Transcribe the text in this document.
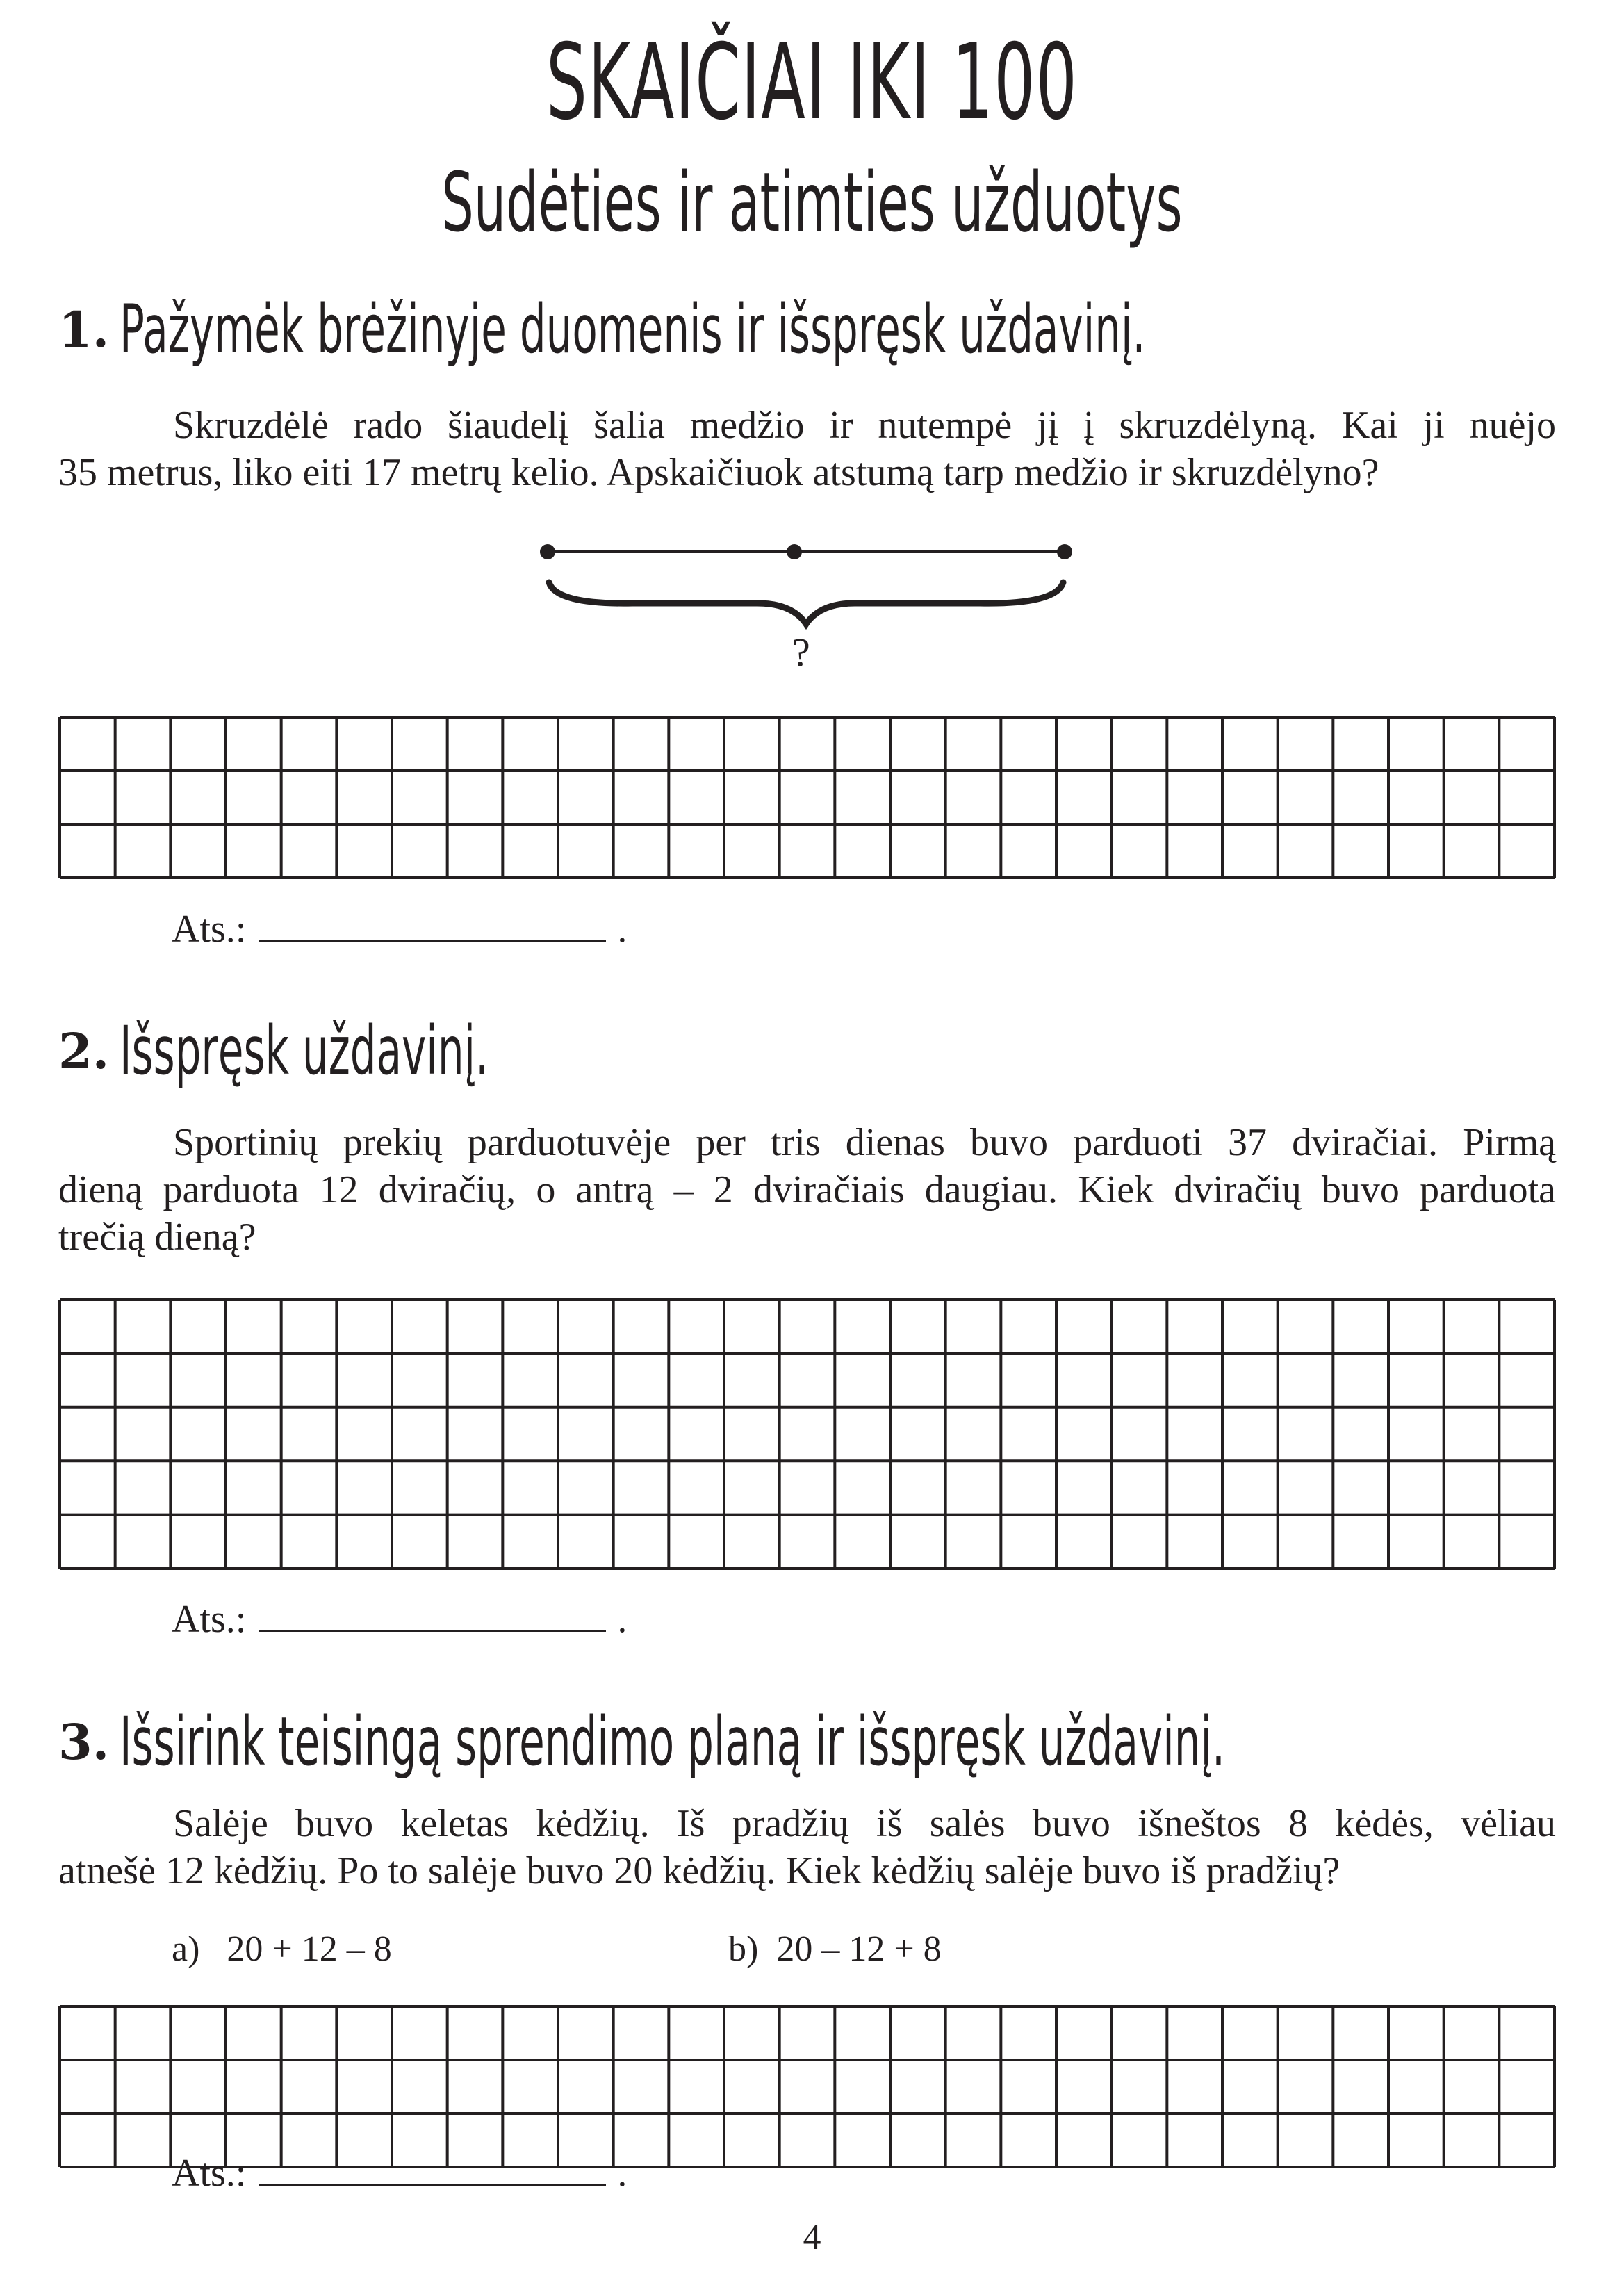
SKAIČIAI IKI 100
Sudėties ir atimties užduotys
1. Pažymėk brėžinyje duomenis ir išspręsk uždavinį.
Skruzdėlė rado šiaudelį šalia medžio ir nutempė jį į skruzdėlyną. Kai ji nuėjo
35 metrus, liko eiti 17 metrų kelio. Apskaičiuok atstumą tarp medžio ir skruzdėlyno?
?
Ats.:	.
2. Išspręsk uždavinį.
Sportinių prekių parduotuvėje per tris dienas buvo parduoti 37 dviračiai. Pirmą
dieną parduota 12 dviračių, o antrą – 2 dviračiais daugiau. Kiek dviračių buvo parduota
trečią dieną?
Ats.:	.
3. Išsirink teisingą sprendimo planą ir išspręsk uždavinį.
Salėje buvo keletas kėdžių. Iš pradžių iš salės buvo išneštos 8 kėdės, vėliau
atnešė 12 kėdžių. Po to salėje buvo 20 kėdžių. Kiek kėdžių salėje buvo iš pradžių?
a) 20 + 12 – 8	b) 20 – 12 + 8
Ats.:	.
4
